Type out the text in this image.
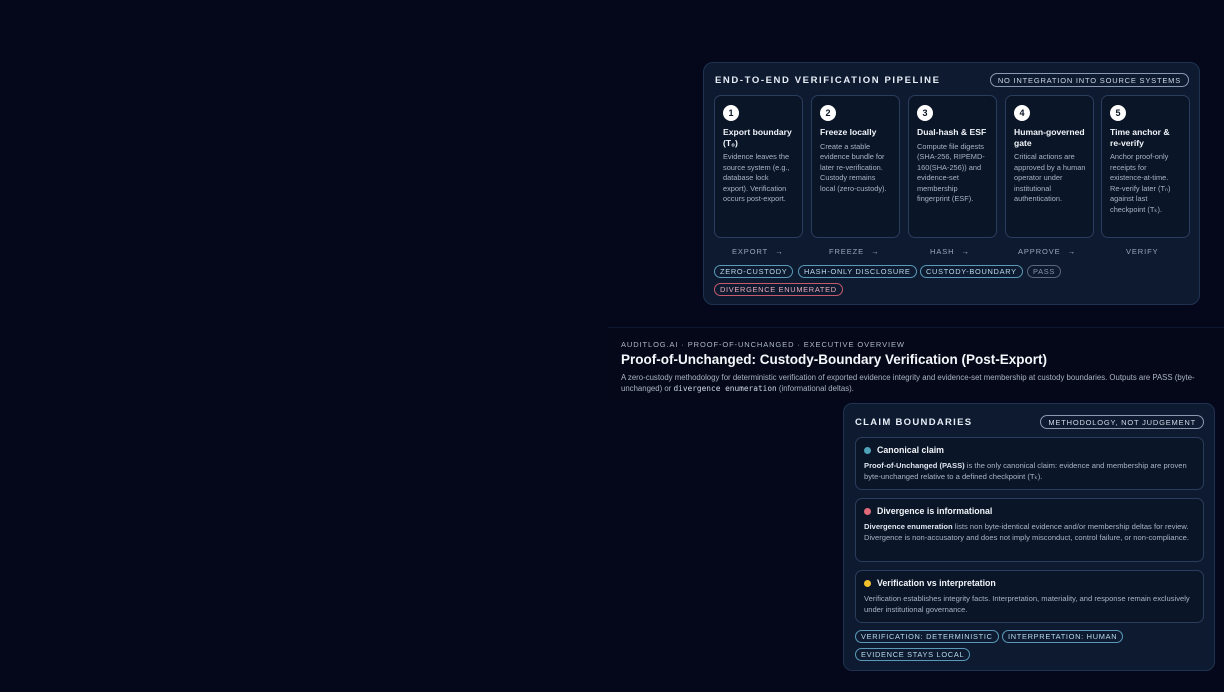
END-TO-END VERIFICATION PIPELINE	NO INTEGRATION INTO SOURCE SYSTEMS
1
Export boundary (T₀)
Evidence leaves the source system (e.g., database lock export). Verification occurs post-export.
2
Freeze locally
Create a stable evidence bundle for later re-verification. Custody remains local (zero-custody).
3
Dual-hash & ESF
Compute file digests (SHA-256, RIPEMD-160(SHA-256)) and evidence-set membership fingerprint (ESF).
4
Human-governed gate
Critical actions are approved by a human operator under institutional authentication.
5
Time anchor & re-verify
Anchor proof-only receipts for existence-at-time. Re-verify later (Tₙ) against last checkpoint (Tₖ).
EXPORT →	FREEZE →	HASH →	APPROVE →	VERIFY
ZERO-CUSTODY	HASH-ONLY DISCLOSURE	CUSTODY-BOUNDARY	PASS
DIVERGENCE ENUMERATED
AUDITLOG.AI · PROOF-OF-UNCHANGED · EXECUTIVE OVERVIEW
Proof-of-Unchanged: Custody-Boundary Verification (Post-Export)
A zero-custody methodology for deterministic verification of exported evidence integrity and evidence-set membership at custody boundaries. Outputs are PASS (byte-unchanged) or divergence enumeration (informational deltas).
CLAIM BOUNDARIES	METHODOLOGY, NOT JUDGEMENT
Canonical claim
Proof-of-Unchanged (PASS) is the only canonical claim: evidence and membership are proven byte-unchanged relative to a defined checkpoint (Tₖ).
Divergence is informational
Divergence enumeration lists non byte-identical evidence and/or membership deltas for review. Divergence is non-accusatory and does not imply misconduct, control failure, or non-compliance.
Verification vs interpretation
Verification establishes integrity facts. Interpretation, materiality, and response remain exclusively under institutional governance.
VERIFICATION: DETERMINISTIC	INTERPRETATION: HUMAN
EVIDENCE STAYS LOCAL
